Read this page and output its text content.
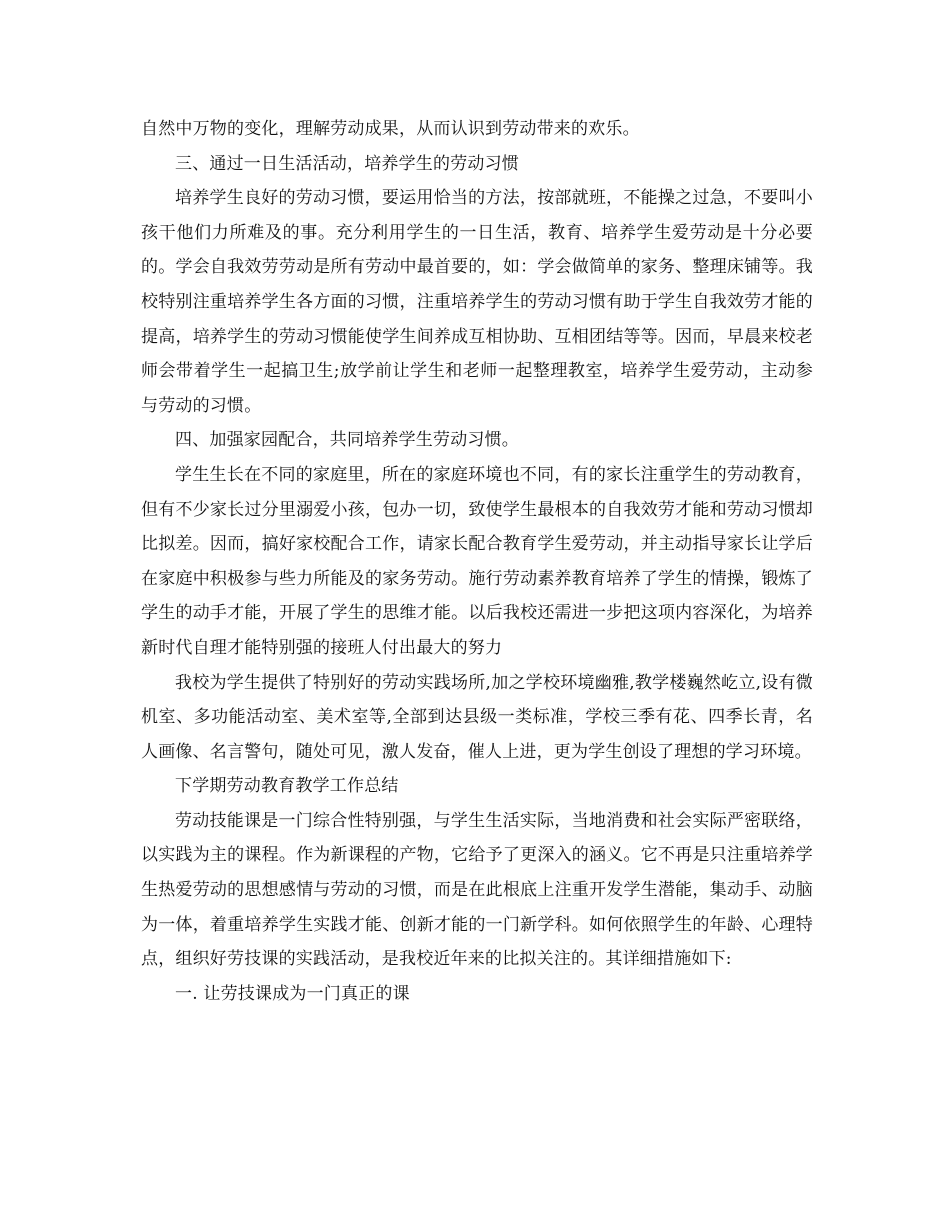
自然中万物的变化，理解劳动成果，从而认识到劳动带来的欢乐。

三、通过一日生活活动，培养学生的劳动习惯

培养学生良好的劳动习惯，要运用恰当的方法，按部就班，不能操之过急，不要叫小孩干他们力所难及的事。充分利用学生的一日生活，教育、培养学生爱劳动是十分必要的。学会自我效劳劳动是所有劳动中最首要的，如：学会做简单的家务、整理床铺等。我校特别注重培养学生各方面的习惯，注重培养学生的劳动习惯有助于学生自我效劳才能的提高，培养学生的劳动习惯能使学生间养成互相协助、互相团结等等。因而，早晨来校老师会带着学生一起搞卫生;放学前让学生和老师一起整理教室，培养学生爱劳动，主动参与劳动的习惯。

四、加强家园配合，共同培养学生劳动习惯。

学生生长在不同的家庭里，所在的家庭环境也不同，有的家长注重学生的劳动教育，但有不少家长过分里溺爱小孩，包办一切，致使学生最根本的自我效劳才能和劳动习惯却比拟差。因而，搞好家校配合工作，请家长配合教育学生爱劳动，并主动指导家长让学后在家庭中积极参与些力所能及的家务劳动。施行劳动素养教育培养了学生的情操，锻炼了学生的动手才能，开展了学生的思维才能。以后我校还需进一步把这项内容深化，为培养新时代自理才能特别强的接班人付出最大的努力

我校为学生提供了特别好的劳动实践场所,加之学校环境幽雅,教学楼巍然屹立,设有微机室、多功能活动室、美术室等,全部到达县级一类标准，学校三季有花、四季长青，名人画像、名言警句，随处可见，激人发奋，催人上进，更为学生创设了理想的学习环境。

下学期劳动教育教学工作总结

劳动技能课是一门综合性特别强，与学生生活实际，当地消费和社会实际严密联络，以实践为主的课程。作为新课程的产物，它给予了更深入的涵义。它不再是只注重培养学生热爱劳动的思想感情与劳动的习惯，而是在此根底上注重开发学生潜能，集动手、动脑为一体，着重培养学生实践才能、创新才能的一门新学科。如何依照学生的年龄、心理特点，组织好劳技课的实践活动，是我校近年来的比拟关注的。其详细措施如下:

一. 让劳技课成为一门真正的课
